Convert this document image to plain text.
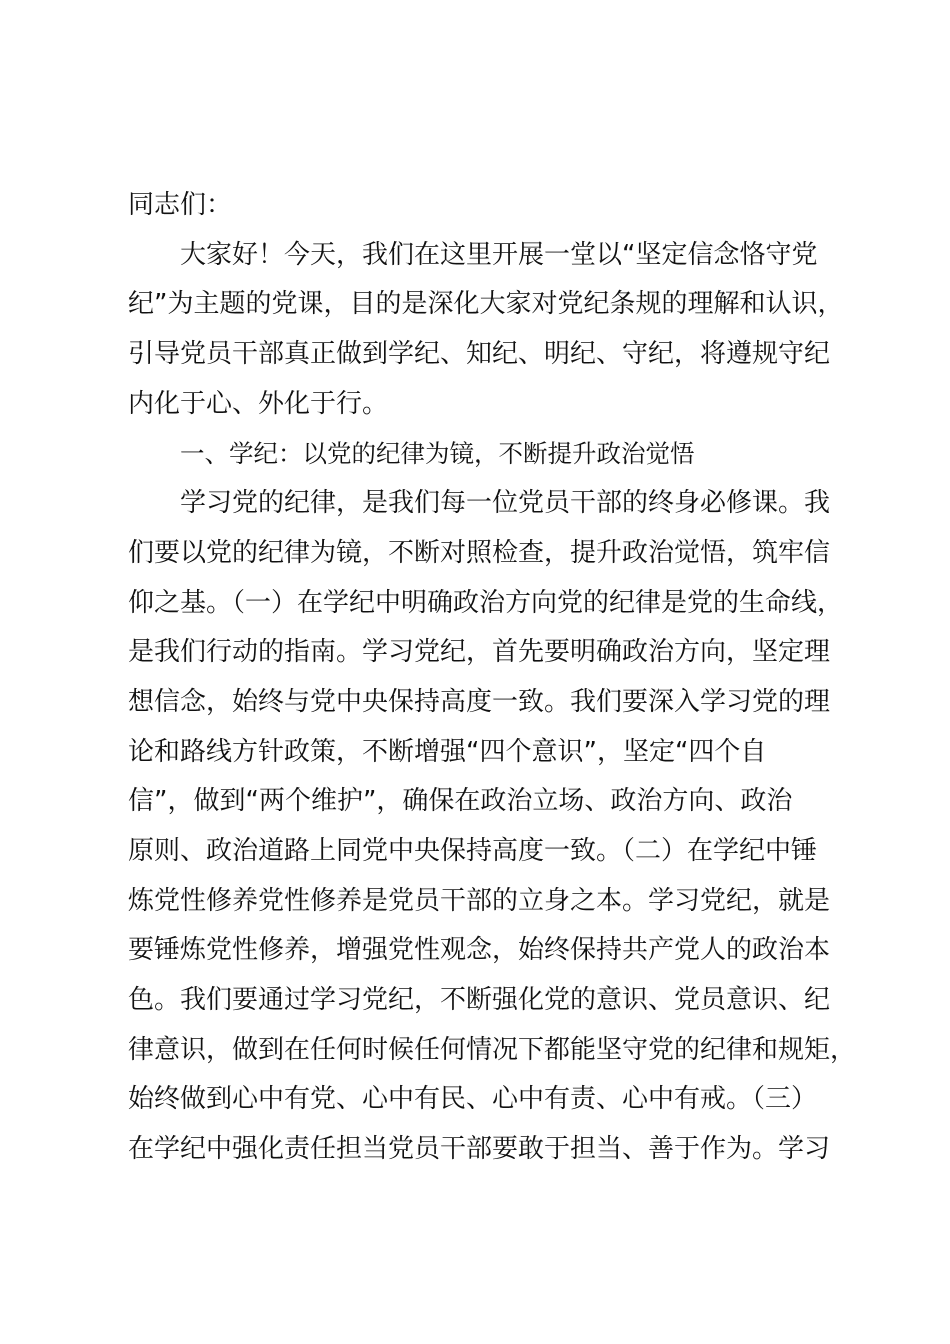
同志们：
大家好！今天，我们在这里开展一堂以“坚定信念恪守党
纪”为主题的党课，目的是深化大家对党纪条规的理解和认识，
引导党员干部真正做到学纪、知纪、明纪、守纪，将遵规守纪
内化于心、外化于行。
一、学纪：以党的纪律为镜，不断提升政治觉悟
学习党的纪律，是我们每一位党员干部的终身必修课。我
们要以党的纪律为镜，不断对照检查，提升政治觉悟，筑牢信
仰之基。（一）在学纪中明确政治方向党的纪律是党的生命线，
是我们行动的指南。学习党纪，首先要明确政治方向，坚定理
想信念，始终与党中央保持高度一致。我们要深入学习党的理
论和路线方针政策，不断增强“四个意识”，坚定“四个自
信”，做到“两个维护”，确保在政治立场、政治方向、政治
原则、政治道路上同党中央保持高度一致。（二）在学纪中锤
炼党性修养党性修养是党员干部的立身之本。学习党纪，就是
要锤炼党性修养，增强党性观念，始终保持共产党人的政治本
色。我们要通过学习党纪，不断强化党的意识、党员意识、纪
律意识，做到在任何时候任何情况下都能坚守党的纪律和规矩，
始终做到心中有党、心中有民、心中有责、心中有戒。（三）
在学纪中强化责任担当党员干部要敢于担当、善于作为。学习
